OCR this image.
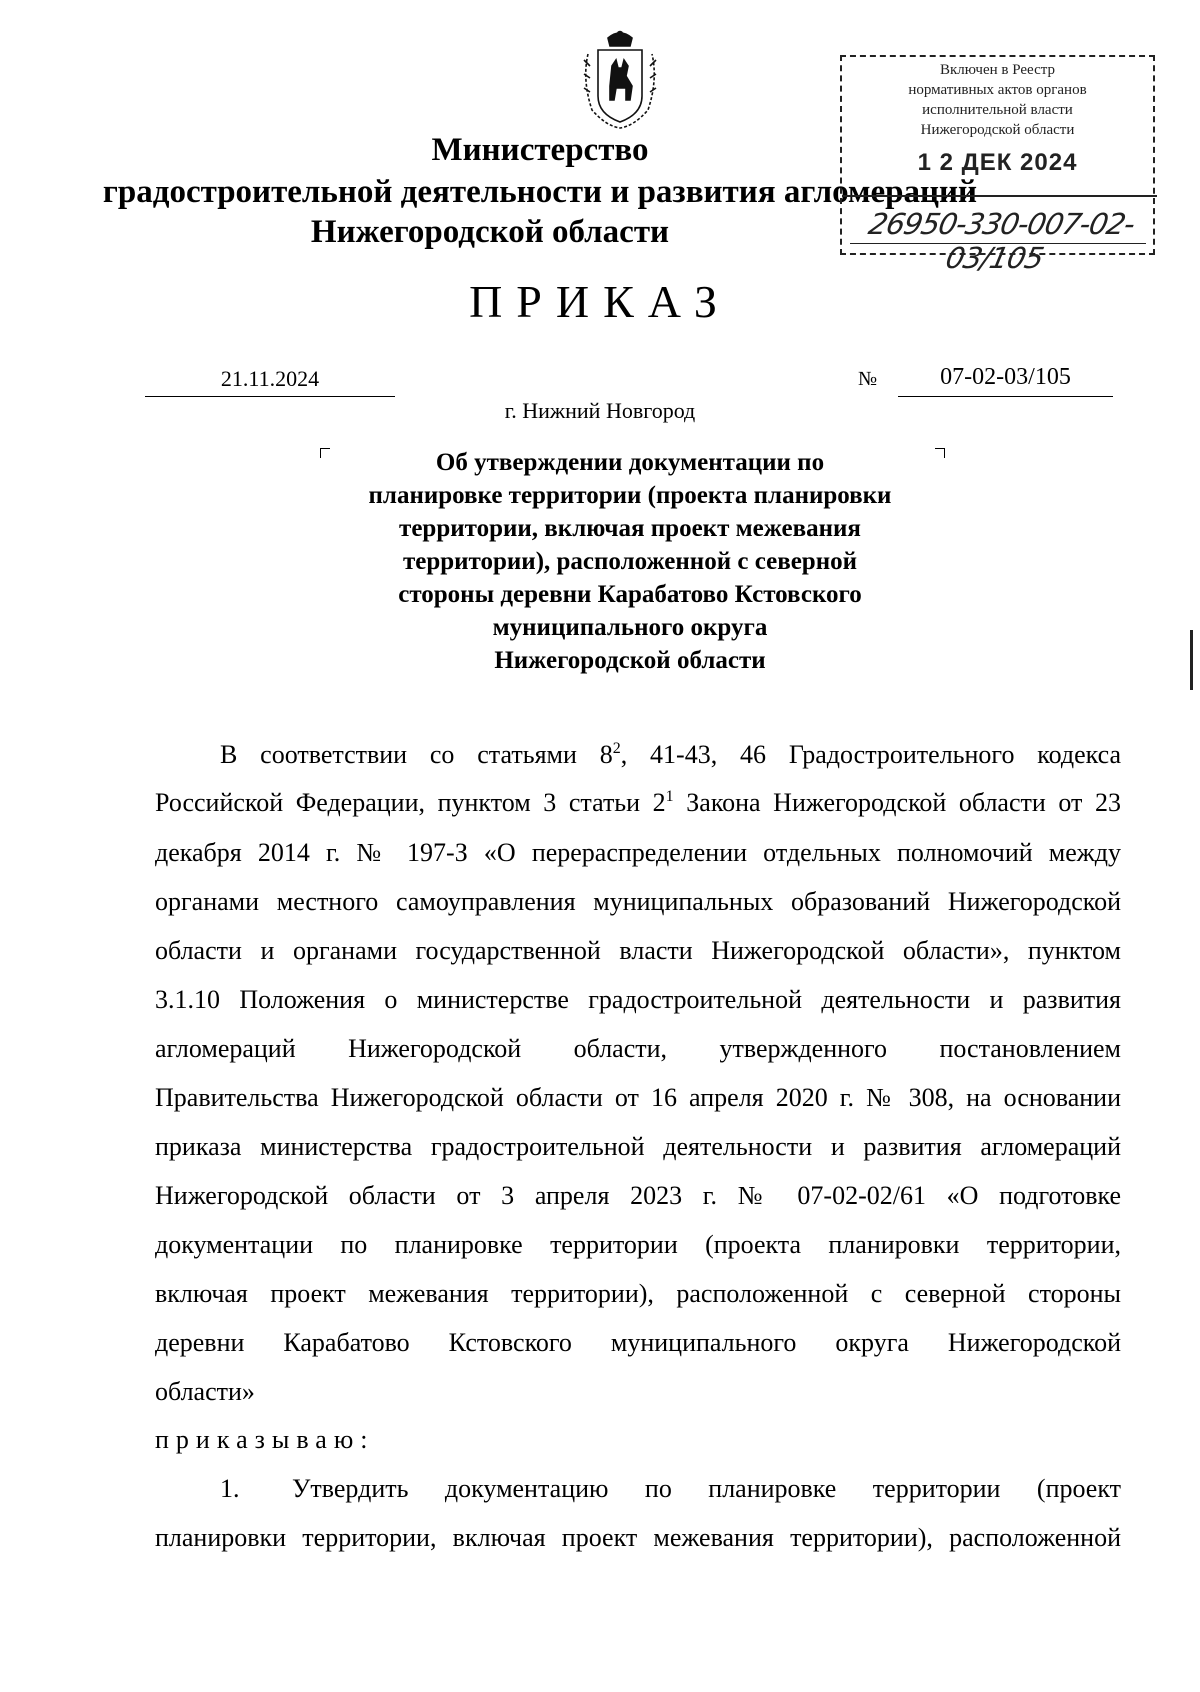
Министерство
градостроительной деятельности и развития агломераций
Нижегородской области
Включен в Реестр
нормативных актов органов
исполнительной власти
Нижегородской области
1 2 ДЕК 2024
26950-330-007-02-03/105
ПРИКАЗ
21.11.2024	№	07-02-03/105
г. Нижний Новгород
Об утверждении документации по
планировке территории (проекта планировки
территории, включая проект межевания
территории), расположенной с северной
стороны деревни Карабатово Кстовского
муниципального округа
Нижегородской области
В соответствии со статьями $8^2$, 41-43, 46 Градостроительного кодекса
Российской Федерации, пунктом 3 статьи $2^1$ Закона Нижегородской области от 23
декабря 2014 г. № 197-З «О перераспределении отдельных полномочий между
органами местного самоуправления муниципальных образований Нижегородской
области и органами государственной власти Нижегородской области», пунктом
3.1.10 Положения о министерстве градостроительной деятельности и развития
агломераций Нижегородской области, утвержденного постановлением
Правительства Нижегородской области от 16 апреля 2020 г. № 308, на основании
приказа министерства градостроительной деятельности и развития агломераций
Нижегородской области от 3 апреля 2023 г. № 07-02-02/61 «О подготовке
документации по планировке территории (проекта планировки территории,
включая проект межевания территории), расположенной с северной стороны
деревни Карабатово Кстовского муниципального округа Нижегородской
области»
приказываю:
1.	Утвердить документацию по планировке территории (проект
планировки территории, включая проект межевания территории), расположенной
